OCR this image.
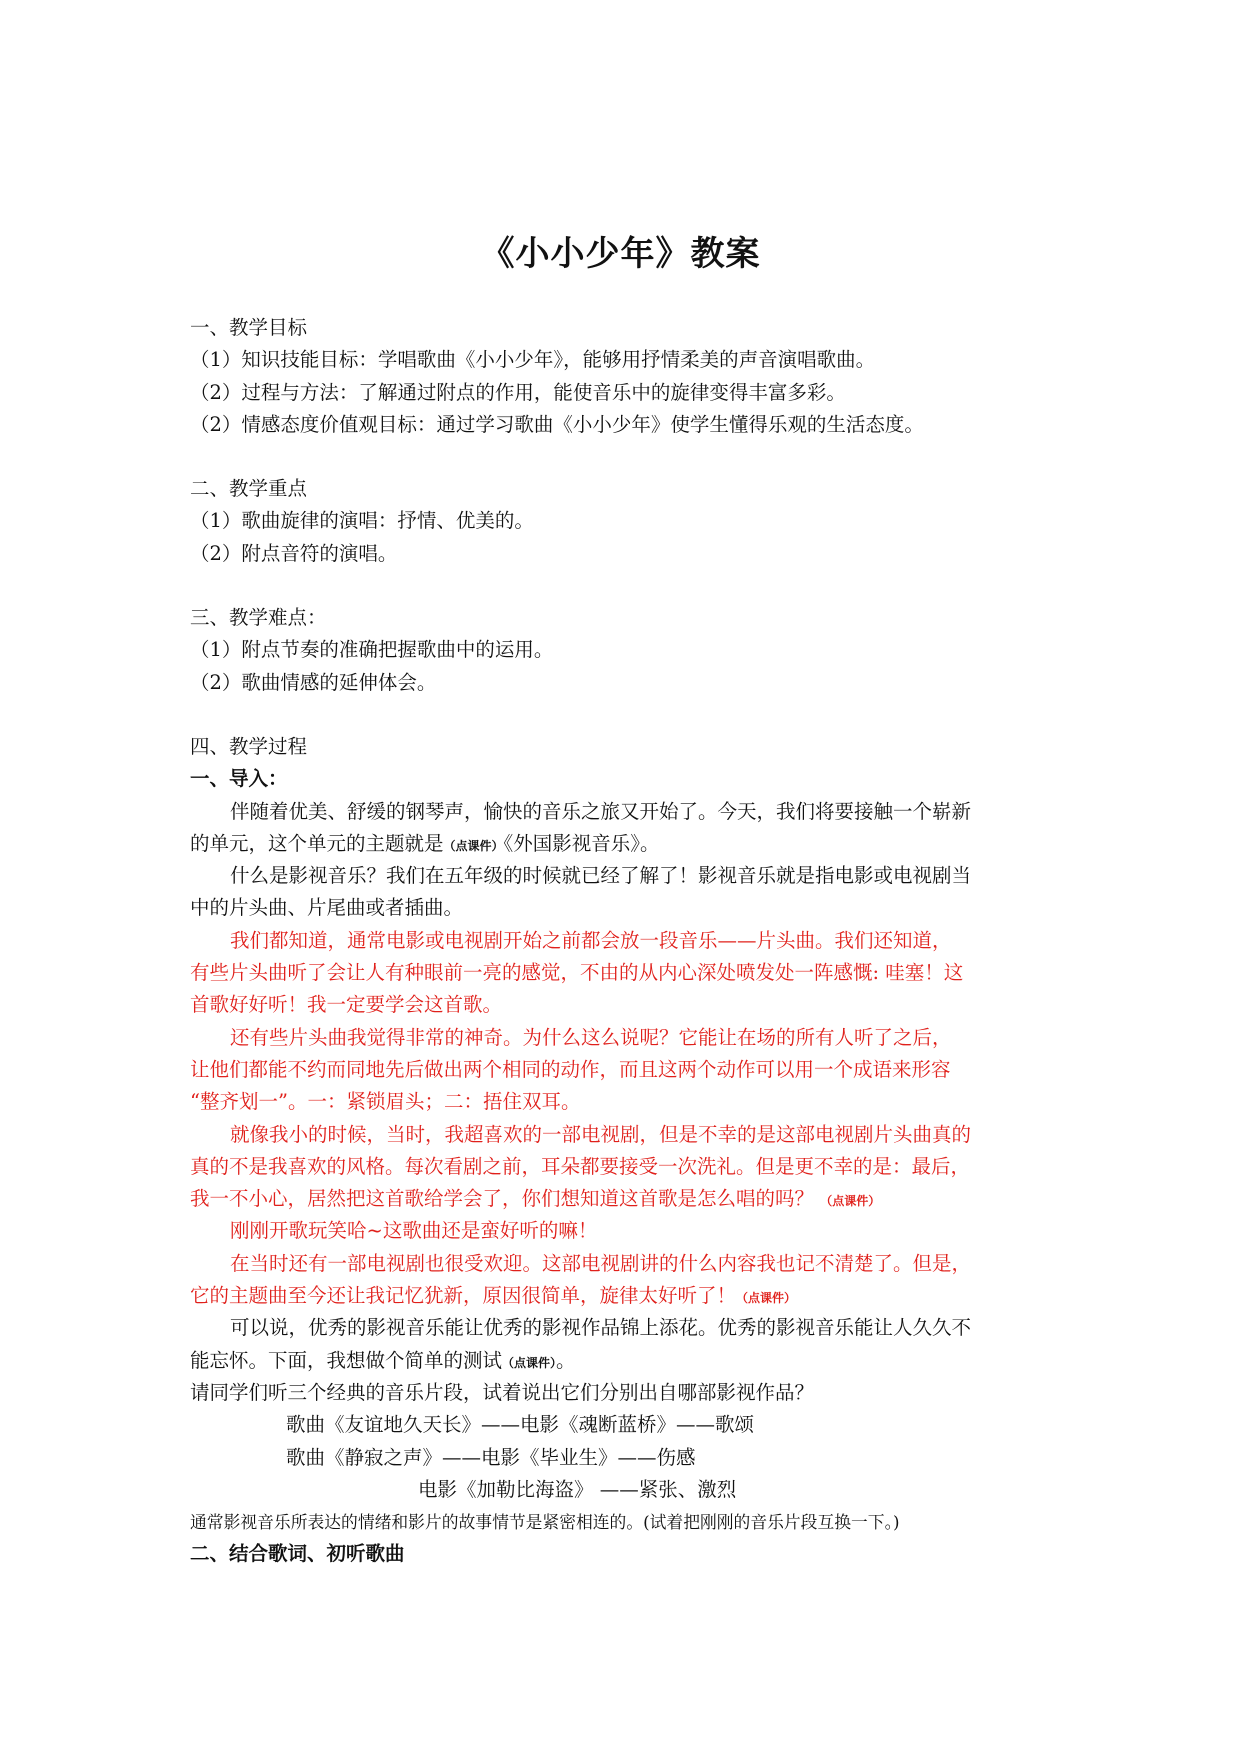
《小小少年》教案
一、教学目标
（1）知识技能目标：学唱歌曲《小小少年》，能够用抒情柔美的声音演唱歌曲。
（2）过程与方法：了解通过附点的作用，能使音乐中的旋律变得丰富多彩。
（2）情感态度价值观目标：通过学习歌曲《小小少年》使学生懂得乐观的生活态度。
二、教学重点
（1）歌曲旋律的演唱：抒情、优美的。
（2）附点音符的演唱。
三、教学难点：
（1）附点节奏的准确把握歌曲中的运用。
（2）歌曲情感的延伸体会。
四、教学过程
一、导入：
伴随着优美、舒缓的钢琴声，愉快的音乐之旅又开始了。今天，我们将要接触一个崭新
的单元，这个单元的主题就是（点课件）《外国影视音乐》。
什么是影视音乐？我们在五年级的时候就已经了解了！影视音乐就是指电影或电视剧当
中的片头曲、片尾曲或者插曲。
我们都知道，通常电影或电视剧开始之前都会放一段音乐——片头曲。我们还知道，
有些片头曲听了会让人有种眼前一亮的感觉，不由的从内心深处喷发处一阵感慨: 哇塞！这
首歌好好听！我一定要学会这首歌。
还有些片头曲我觉得非常的神奇。为什么这么说呢？它能让在场的所有人听了之后，
让他们都能不约而同地先后做出两个相同的动作，而且这两个动作可以用一个成语来形容
“整齐划一”。一：紧锁眉头；二：捂住双耳。
就像我小的时候，当时，我超喜欢的一部电视剧，但是不幸的是这部电视剧片头曲真的
真的不是我喜欢的风格。每次看剧之前，耳朵都要接受一次洗礼。但是更不幸的是：最后，
我一不小心，居然把这首歌给学会了，你们想知道这首歌是怎么唱的吗？ （点课件）
刚刚开歌玩笑哈~这歌曲还是蛮好听的嘛！
在当时还有一部电视剧也很受欢迎。这部电视剧讲的什么内容我也记不清楚了。但是，
它的主题曲至今还让我记忆犹新，原因很简单，旋律太好听了！（点课件）
可以说，优秀的影视音乐能让优秀的影视作品锦上添花。优秀的影视音乐能让人久久不
能忘怀。下面，我想做个简单的测试（点课件）。
请同学们听三个经典的音乐片段，试着说出它们分别出自哪部影视作品？
歌曲《友谊地久天长》——电影《魂断蓝桥》——歌颂
歌曲《静寂之声》——电影《毕业生》——伤感
电影《加勒比海盗》 ——紧张、激烈
通常影视音乐所表达的情绪和影片的故事情节是紧密相连的。(试着把刚刚的音乐片段互换一下。)
二、结合歌词、初听歌曲
